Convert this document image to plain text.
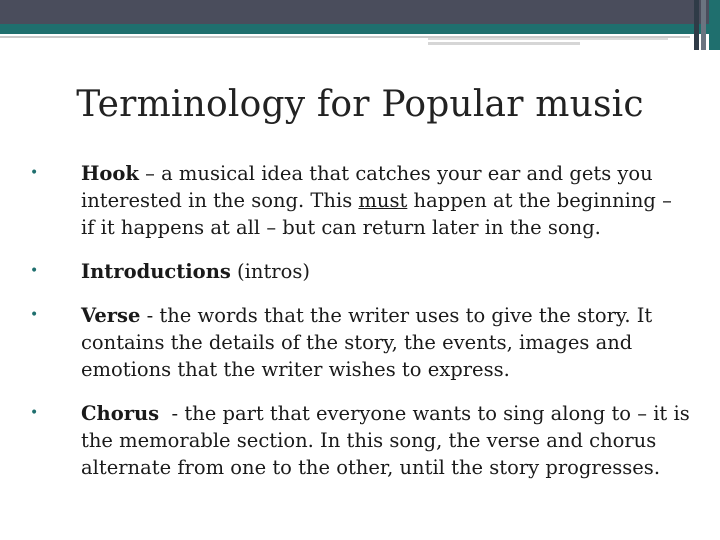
Terminology for Popular music
• Hook – a musical idea that catches your ear and gets you interested in the song. This must happen at the beginning – if it happens at all – but can return later in the song.
• Introductions (intros)
• Verse - the words that the writer uses to give the story. It contains the details of the story, the events, images and emotions that the writer wishes to express.
• Chorus  - the part that everyone wants to sing along to – it is the memorable section. In this song, the verse and chorus alternate from one to the other, until the story progresses.
